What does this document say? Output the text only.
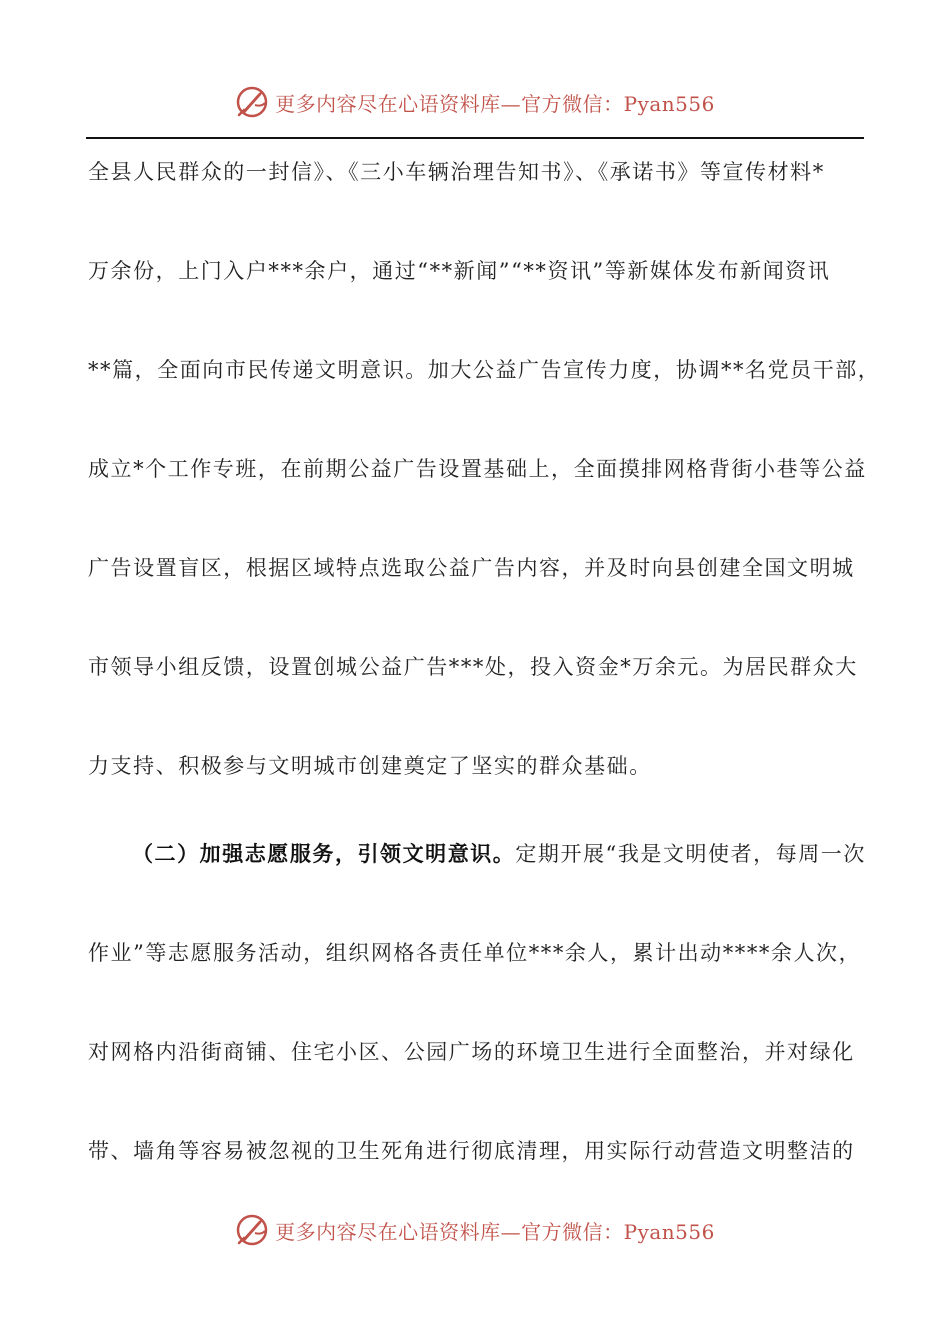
更多内容尽在心语资料库—官方微信：Pyan556
全县人民群众的一封信》、《三小车辆治理告知书》、《承诺书》等宣传材料*
万余份，上门入户***余户，通过“**新闻”“**资讯”等新媒体发布新闻资讯
**篇，全面向市民传递文明意识。加大公益广告宣传力度，协调**名党员干部，
成立*个工作专班，在前期公益广告设置基础上，全面摸排网格背街小巷等公益
广告设置盲区，根据区域特点选取公益广告内容，并及时向县创建全国文明城
市领导小组反馈，设置创城公益广告***处，投入资金*万余元。为居民群众大
力支持、积极参与文明城市创建奠定了坚实的群众基础。
（二）加强志愿服务，引领文明意识。定期开展“我是文明使者，每周一次
作业”等志愿服务活动，组织网格各责任单位***余人，累计出动****余人次，
对网格内沿街商铺、住宅小区、公园广场的环境卫生进行全面整治，并对绿化
带、墙角等容易被忽视的卫生死角进行彻底清理，用实际行动营造文明整洁的
更多内容尽在心语资料库—官方微信：Pyan556
